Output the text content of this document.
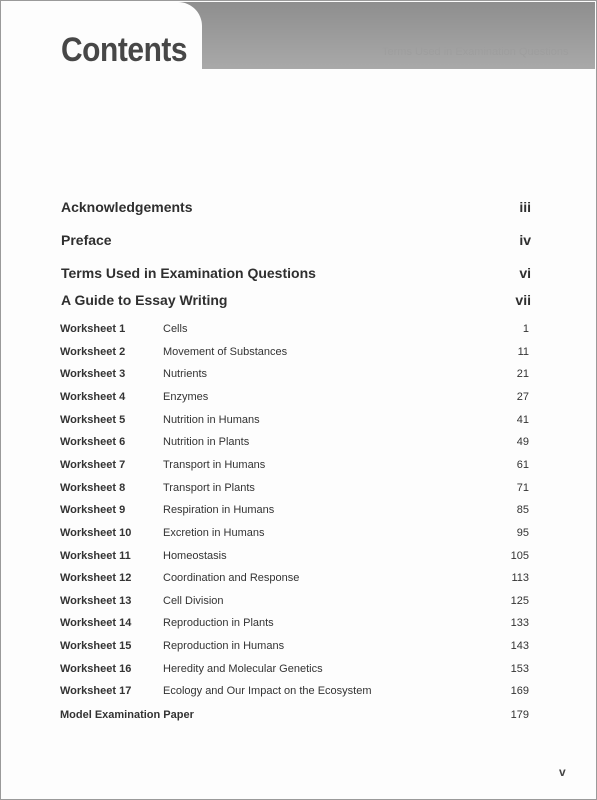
Terms Used in Examination Questions
Contents
Acknowledgements	iii
Preface	iv
Terms Used in Examination Questions	vi
A Guide to Essay Writing	vii
Worksheet 1	Cells	1
Worksheet 2	Movement of Substances	11
Worksheet 3	Nutrients	21
Worksheet 4	Enzymes	27
Worksheet 5	Nutrition in Humans	41
Worksheet 6	Nutrition in Plants	49
Worksheet 7	Transport in Humans	61
Worksheet 8	Transport in Plants	71
Worksheet 9	Respiration in Humans	85
Worksheet 10	Excretion in Humans	95
Worksheet 11	Homeostasis	105
Worksheet 12	Coordination and Response	113
Worksheet 13	Cell Division	125
Worksheet 14	Reproduction in Plants	133
Worksheet 15	Reproduction in Humans	143
Worksheet 16	Heredity and Molecular Genetics	153
Worksheet 17	Ecology and Our Impact on the Ecosystem	169
Model Examination Paper	179
v
